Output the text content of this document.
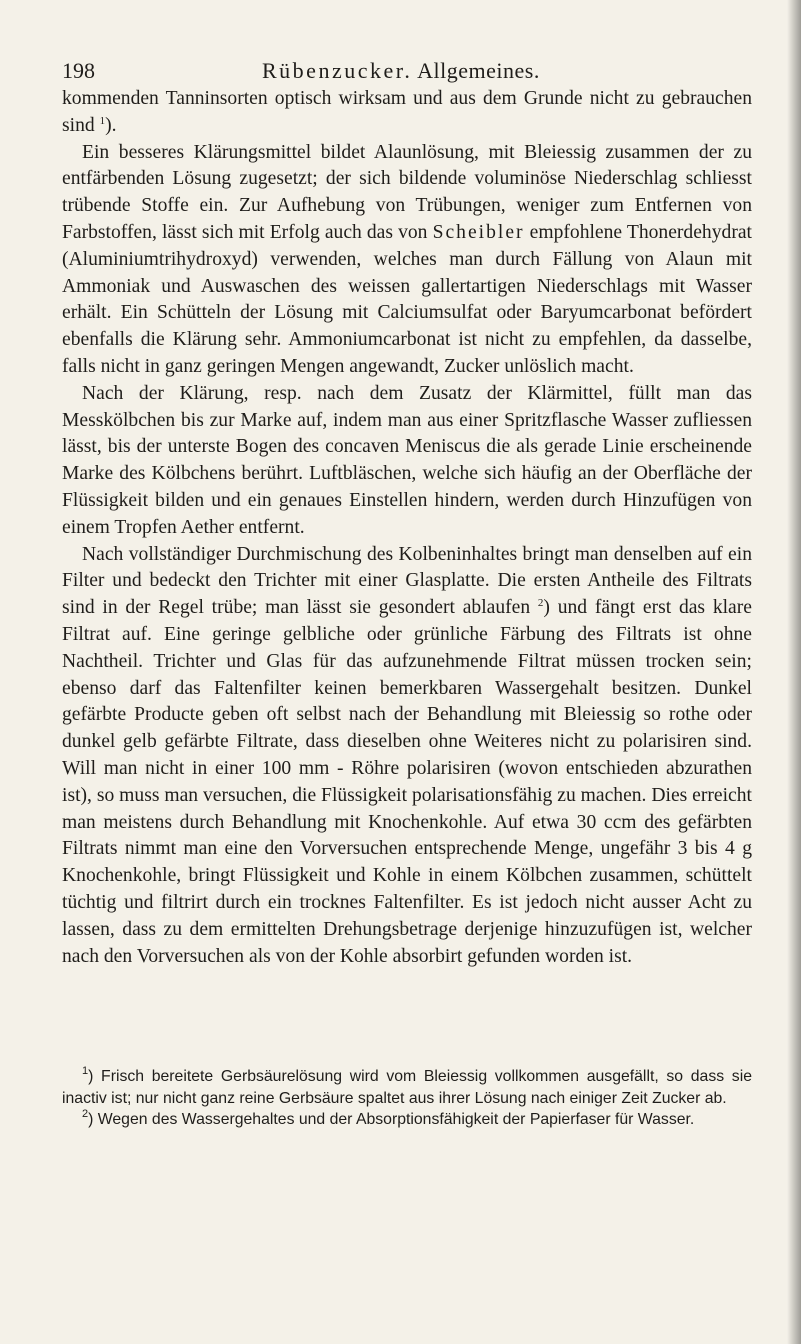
198	Rübenzucker. Allgemeines.

kommenden Tanninsorten optisch wirksam und aus dem Grunde nicht zu gebrauchen sind $^1$).

Ein besseres Klärungsmittel bildet Alaunlösung, mit Bleiessig zusammen der zu entfärbenden Lösung zugesetzt; der sich bildende voluminöse Niederschlag schliesst trübende Stoffe ein. Zur Aufhebung von Trübungen, weniger zum Entfernen von Farbstoffen, lässt sich mit Erfolg auch das von Scheibler empfohlene Thonerdehydrat (Aluminiumtrihydroxyd) verwenden, welches man durch Fällung von Alaun mit Ammoniak und Auswaschen des weissen gallertartigen Niederschlags mit Wasser erhält. Ein Schütteln der Lösung mit Calciumsulfat oder Baryumcarbonat befördert ebenfalls die Klärung sehr. Ammoniumcarbonat ist nicht zu empfehlen, da dasselbe, falls nicht in ganz geringen Mengen angewandt, Zucker unlöslich macht.

Nach der Klärung, resp. nach dem Zusatz der Klärmittel, füllt man das Messkölbchen bis zur Marke auf, indem man aus einer Spritzflasche Wasser zufliessen lässt, bis der unterste Bogen des concaven Meniscus die als gerade Linie erscheinende Marke des Kölbchens berührt. Luftbläschen, welche sich häufig an der Oberfläche der Flüssigkeit bilden und ein genaues Einstellen hindern, werden durch Hinzufügen von einem Tropfen Aether entfernt.

Nach vollständiger Durchmischung des Kolbeninhaltes bringt man denselben auf ein Filter und bedeckt den Trichter mit einer Glasplatte. Die ersten Antheile des Filtrats sind in der Regel trübe; man lässt sie gesondert ablaufen $^2$) und fängt erst das klare Filtrat auf. Eine geringe gelbliche oder grünliche Färbung des Filtrats ist ohne Nachtheil. Trichter und Glas für das aufzunehmende Filtrat müssen trocken sein; ebenso darf das Faltenfilter keinen bemerkbaren Wassergehalt besitzen. Dunkel gefärbte Producte geben oft selbst nach der Behandlung mit Bleiessig so rothe oder dunkel gelb gefärbte Filtrate, dass dieselben ohne Weiteres nicht zu polarisiren sind. Will man nicht in einer 100 mm - Röhre polarisiren (wovon entschieden abzurathen ist), so muss man versuchen, die Flüssigkeit polarisationsfähig zu machen. Dies erreicht man meistens durch Behandlung mit Knochenkohle. Auf etwa 30 ccm des gefärbten Filtrats nimmt man eine den Vorversuchen entsprechende Menge, ungefähr 3 bis 4 g Knochenkohle, bringt Flüssigkeit und Kohle in einem Kölbchen zusammen, schüttelt tüchtig und filtrirt durch ein trocknes Faltenfilter. Es ist jedoch nicht ausser Acht zu lassen, dass zu dem ermittelten Drehungsbetrage derjenige hinzuzufügen ist, welcher nach den Vorversuchen als von der Kohle absorbirt gefunden worden ist.

$^1$) Frisch bereitete Gerbsäurelösung wird vom Bleiessig vollkommen ausgefällt, so dass sie inactiv ist; nur nicht ganz reine Gerbsäure spaltet aus ihrer Lösung nach einiger Zeit Zucker ab.

$^2$) Wegen des Wassergehaltes und der Absorptionsfähigkeit der Papierfaser für Wasser.
